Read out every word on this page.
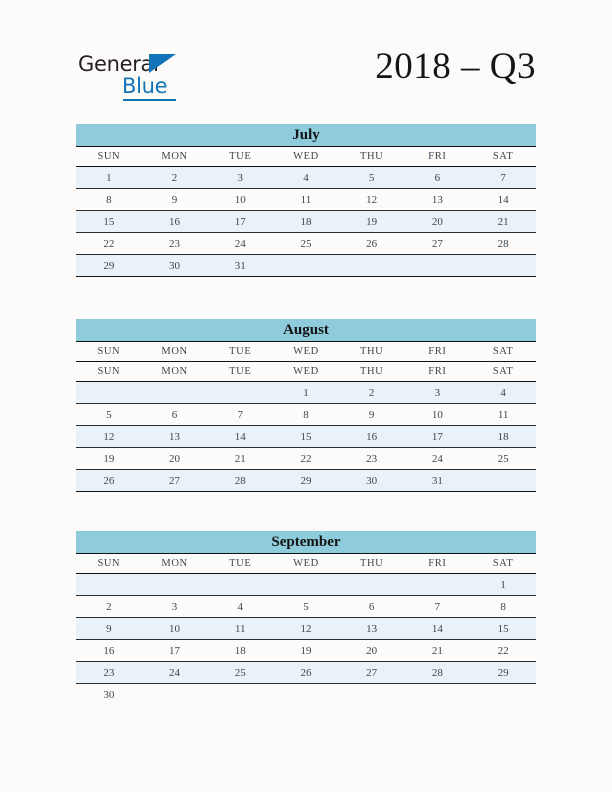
General
Blue	2018 – Q3
July
SUN	MON	TUE	WED	THU	FRI	SAT
1	2	3	4	5	6	7
8	9	10	11	12	13	14
15	16	17	18	19	20	21
22	23	24	25	26	27	28
29	30	31				
August
SUN	MON	TUE	WED	THU	FRI	SAT
SUN	MON	TUE	WED	THU	FRI	SAT
			1	2	3	4
5	6	7	8	9	10	11
12	13	14	15	16	17	18
19	20	21	22	23	24	25
26	27	28	29	30	31	
September
SUN	MON	TUE	WED	THU	FRI	SAT
						1
2	3	4	5	6	7	8
9	10	11	12	13	14	15
16	17	18	19	20	21	22
23	24	25	26	27	28	29
30						
